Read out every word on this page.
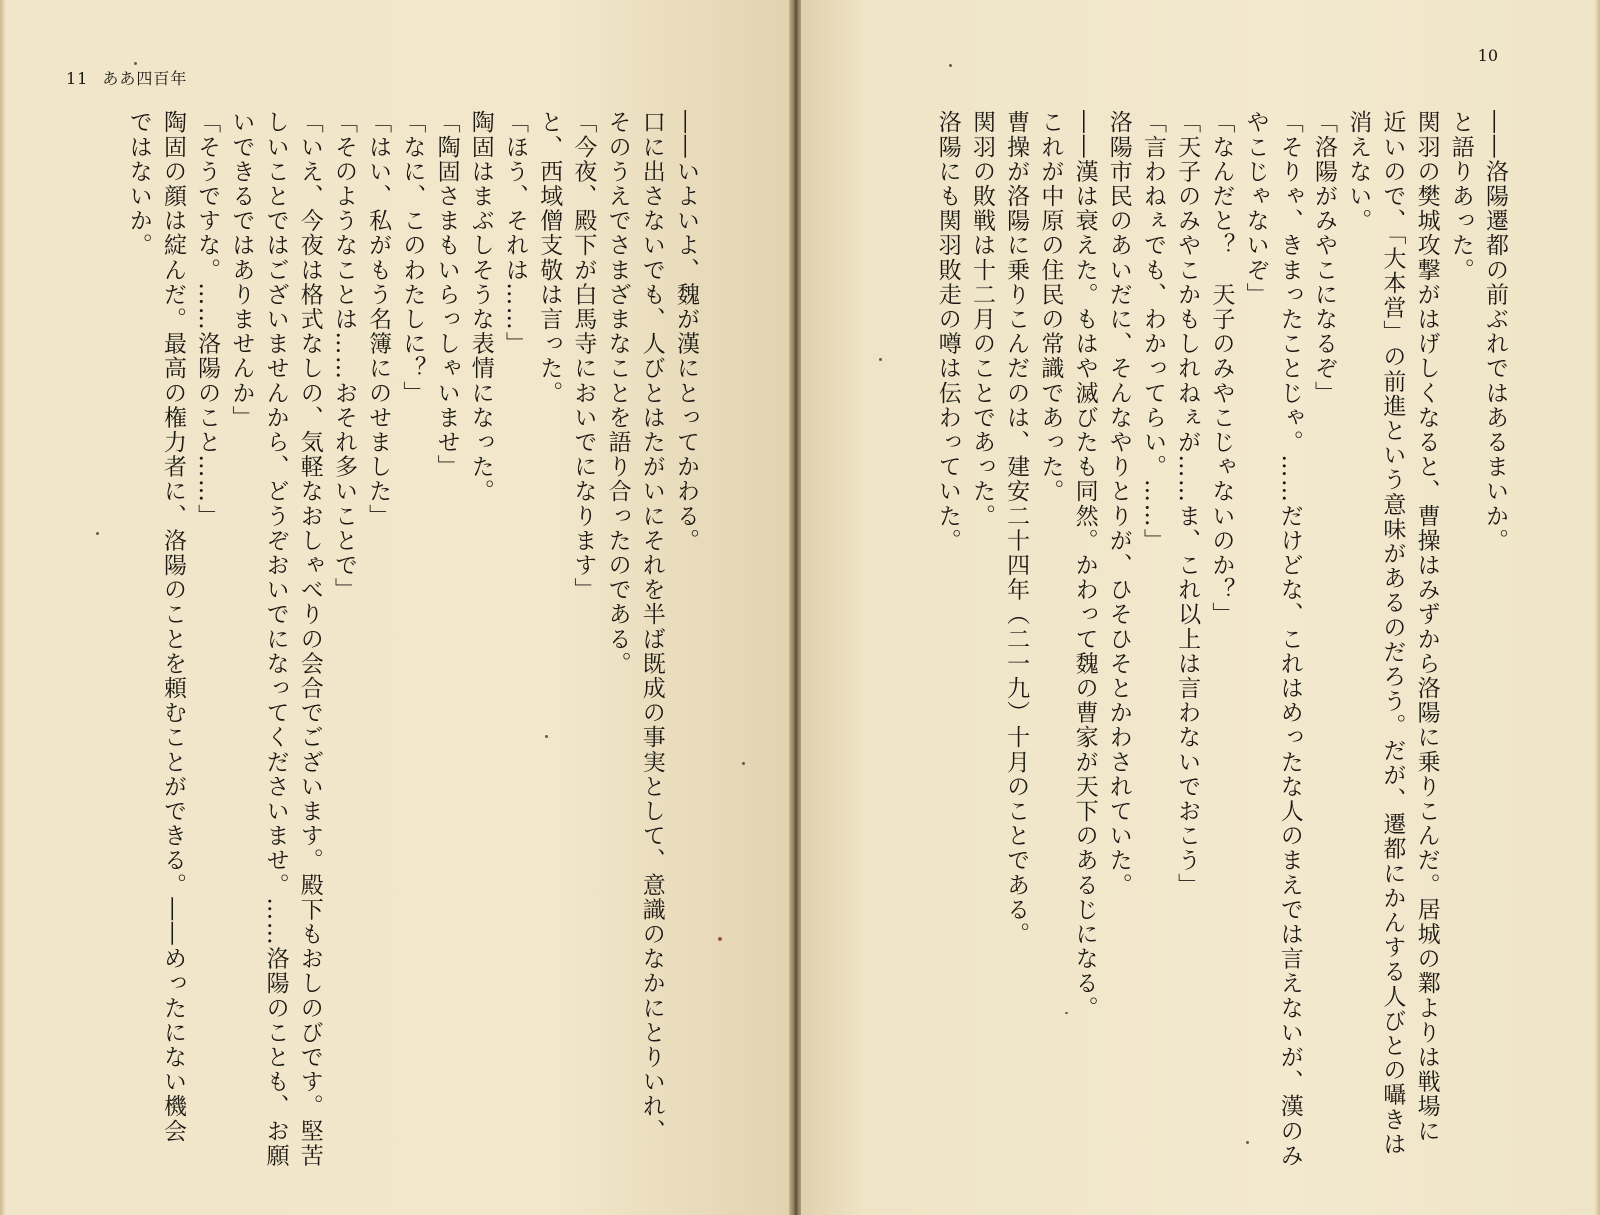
11 ああ四百年

――いよいよ、魏が漢にとってかわる。

口に出さないでも、人びとはたがいにそれを半ば既成の事実として、意識のなかにとりいれ、

そのうえでさまざまなことを語り合ったのである。

「今夜、殿下が白馬寺においでになります」

と、西域僧支敬は言った。

「ほう、それは……」

陶固はまぶしそうな表情になった。

「陶固さまもいらっしゃいませ」

「なに、このわたしに？」

「はい、私がもう名簿にのせました」

「そのようなことは……おそれ多いことで」

「いえ、今夜は格式なしの、気軽なおしゃべりの会合でございます。殿下もおしのびです。堅苦

しいことではございませんから、どうぞおいでになってくださいませ。……洛陽のことも、お願

いできるではありませんか」

「そうですな。……洛陽のこと……」

陶固の顔は綻んだ。最高の権力者に、洛陽のことを頼むことができる。――めったにない機会

ではないか。

10

――洛陽遷都の前ぶれではあるまいか。

と語りあった。

関羽の樊城攻撃がはげしくなると、曹操はみずから洛陽に乗りこんだ。居城の鄴よりは戦場に

近いので、「大本営」の前進という意味があるのだろう。だが、遷都にかんする人びとの囁きは

消えない。

「洛陽がみやこになるぞ」

「そりゃ、きまったことじゃ。……だけどな、これはめったな人のまえでは言えないが、漢のみ

やこじゃないぞ」

「なんだと？　天子のみやこじゃないのか？」

「天子のみやこかもしれねぇが……ま、これ以上は言わないでおこう」

「言わねぇでも、わかってらい。……」

洛陽市民のあいだに、そんなやりとりが、ひそひそとかわされていた。

――漢は衰えた。もはや滅びたも同然。かわって魏の曹家が天下のあるじになる。

これが中原の住民の常識であった。

曹操が洛陽に乗りこんだのは、建安二十四年（二一九）十月のことである。

関羽の敗戦は十二月のことであった。

洛陽にも関羽敗走の噂は伝わっていた。
